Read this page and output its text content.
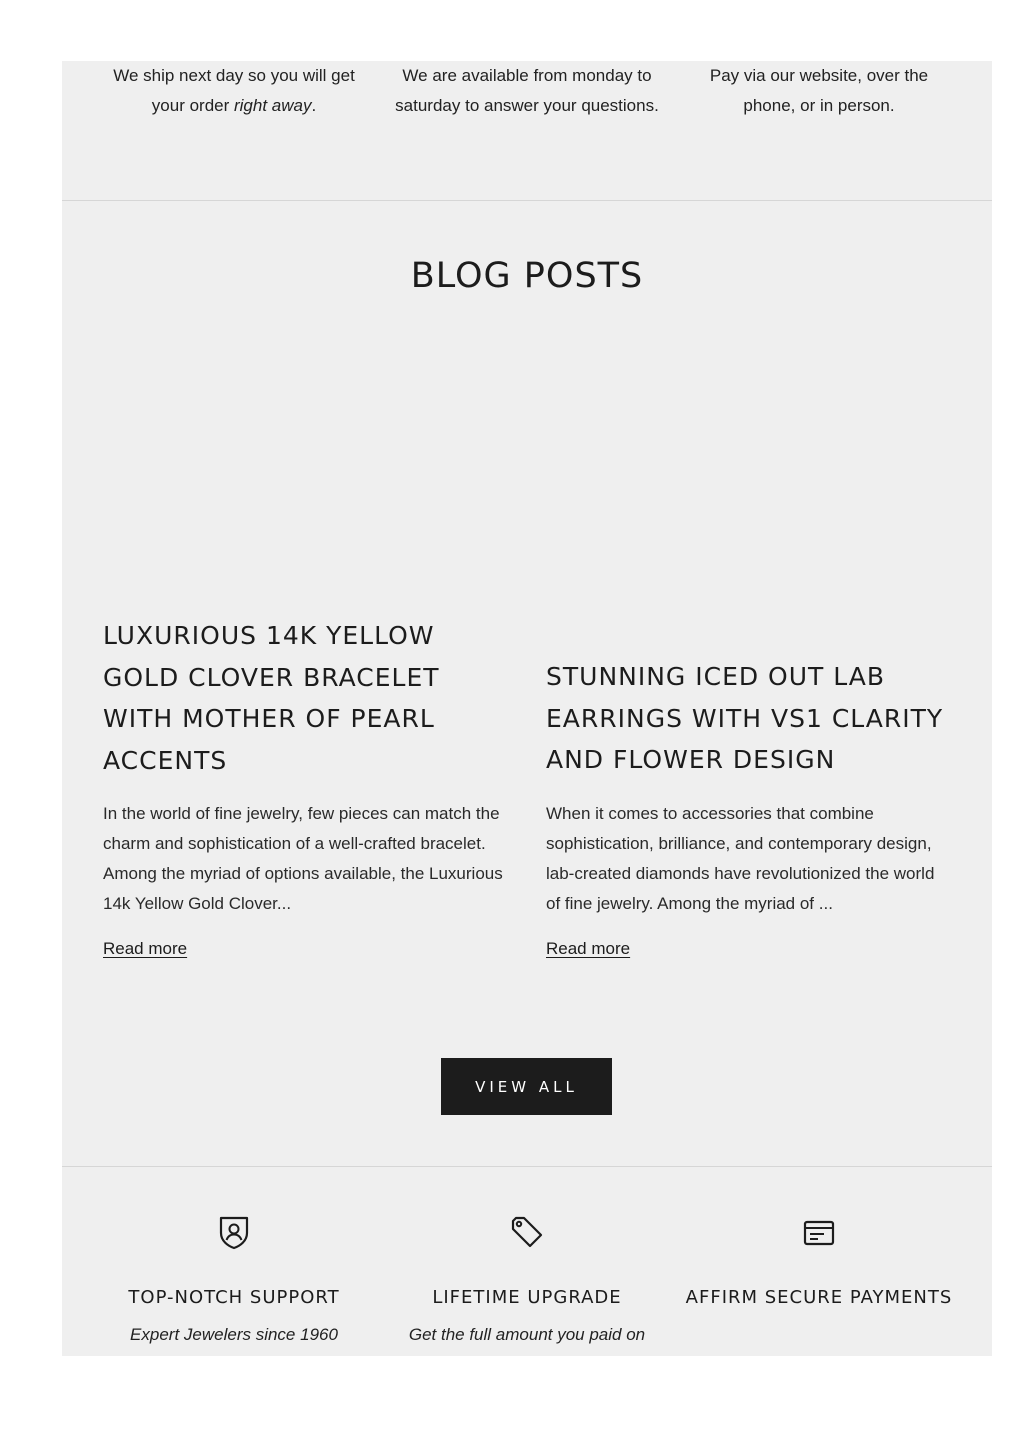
We ship next day so you will get your order right away.
We are available from monday to saturday to answer your questions.
Pay via our website, over the phone, or in person.
BLOG POSTS
LUXURIOUS 14K YELLOW GOLD CLOVER BRACELET WITH MOTHER OF PEARL ACCENTS

In the world of fine jewelry, few pieces can match the charm and sophistication of a well-crafted bracelet. Among the myriad of options available, the Luxurious 14k Yellow Gold Clover...

Read more
STUNNING ICED OUT LAB EARRINGS WITH VS1 CLARITY AND FLOWER DESIGN

When it comes to accessories that combine sophistication, brilliance, and contemporary design, lab-created diamonds have revolutionized the world of fine jewelry. Among the myriad of ...

Read more
VIEW ALL
TOP-NOTCH SUPPORT
Expert Jewelers since 1960
LIFETIME UPGRADE
Get the full amount you paid on
AFFIRM SECURE PAYMENTS
